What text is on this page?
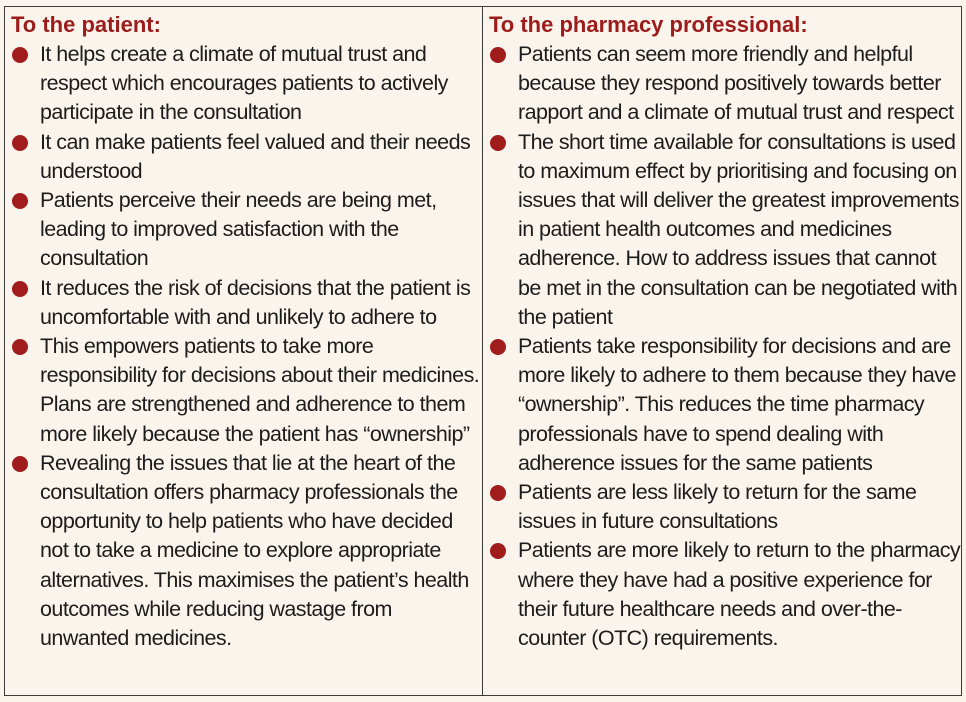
To the patient:
It helps create a climate of mutual trust and respect which encourages patients to actively participate in the consultation
It can make patients feel valued and their needs understood
Patients perceive their needs are being met, leading to improved satisfaction with the consultation
It reduces the risk of decisions that the patient is uncomfortable with and unlikely to adhere to
This empowers patients to take more responsibility for decisions about their medicines. Plans are strengthened and adherence to them more likely because the patient has “ownership”
Revealing the issues that lie at the heart of the consultation offers pharmacy professionals the opportunity to help patients who have decided not to take a medicine to explore appropriate alternatives. This maximises the patient’s health outcomes while reducing wastage from unwanted medicines.
To the pharmacy professional:
Patients can seem more friendly and helpful because they respond positively towards better rapport and a climate of mutual trust and respect
The short time available for consultations is used to maximum effect by prioritising and focusing on issues that will deliver the greatest improvements in patient health outcomes and medicines adherence. How to address issues that cannot be met in the consultation can be negotiated with the patient
Patients take responsibility for decisions and are more likely to adhere to them because they have “ownership”. This reduces the time pharmacy professionals have to spend dealing with adherence issues for the same patients
Patients are less likely to return for the same issues in future consultations
Patients are more likely to return to the pharmacy where they have had a positive experience for their future healthcare needs and over-the-counter (OTC) requirements.
